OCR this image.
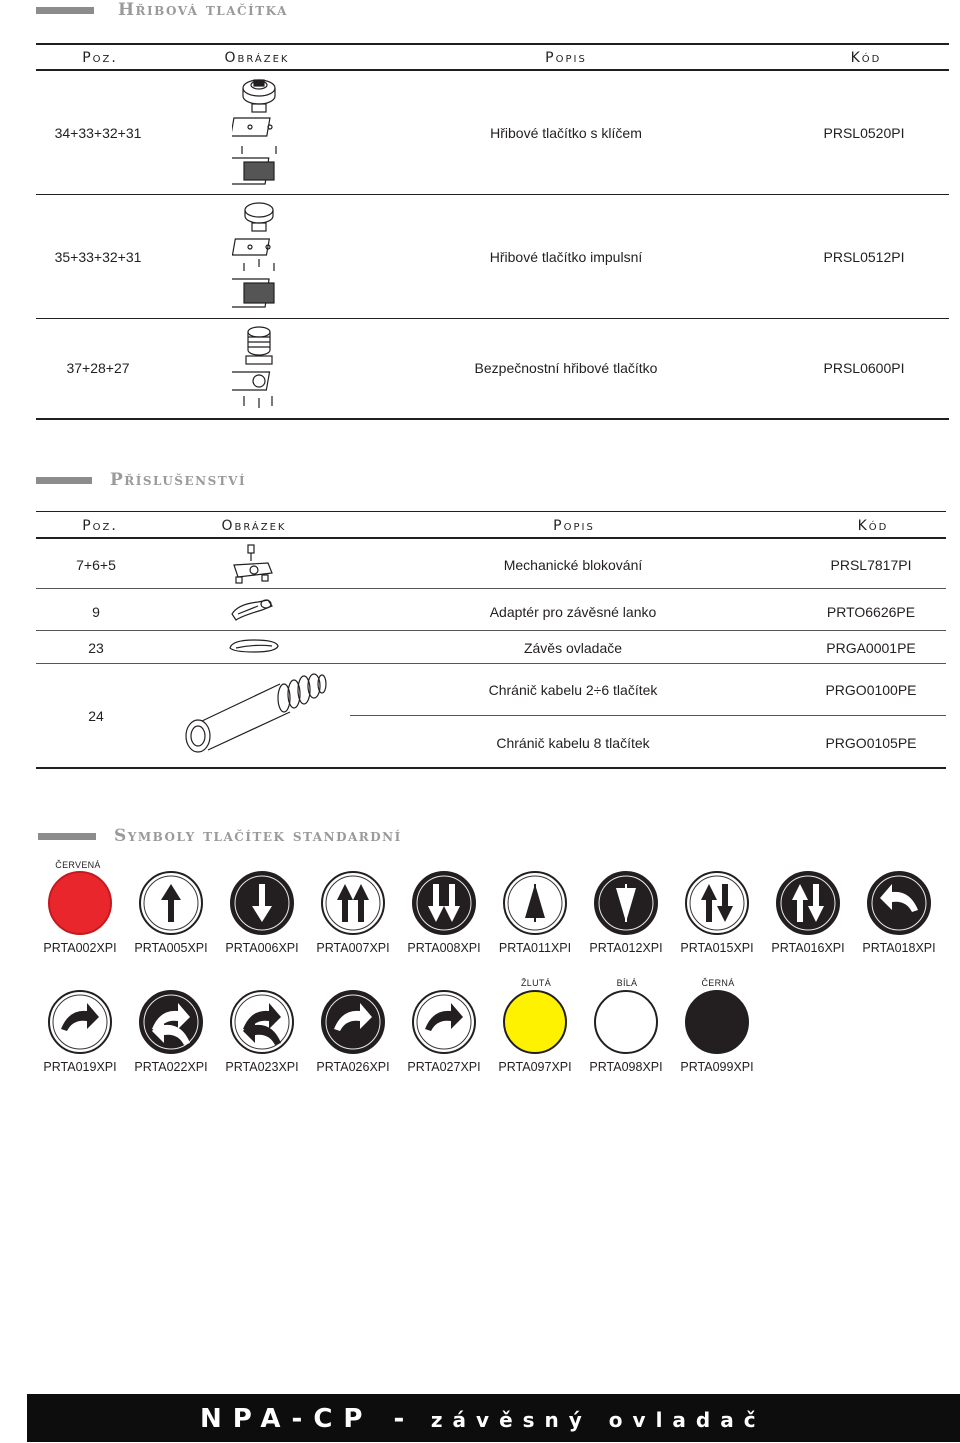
Hřibová tlačítka
Poz.	Obrázek	Popis	Kód
34+33+32+31	Hřibové tlačítko s klíčem	PRSL0520PI
35+33+32+31	Hřibové tlačítko impulsní	PRSL0512PI
37+28+27	Bezpečnostní hřibové tlačítko	PRSL0600PI
Příslušenství
Poz.	Obrázek	Popis	Kód
7+6+5	Mechanické blokování	PRSL7817PI
9	Adaptér pro závěsné lanko	PRTO6626PE
23	Závěs ovladače	PRGA0001PE
24
Chránič kabelu 2÷6 tlačítek	PRGO0100PE
Chránič kabelu 8 tlačítek	PRGO0105PE
Symboly tlačítek standardní
ČERVENÁ
ŽLUTÁ	BÍLÁ	ČERNÁ
PRTA002XPI	PRTA005XPI	PRTA006XPI	PRTA007XPI	PRTA008XPI	PRTA011XPI	PRTA012XPI	PRTA015XPI	PRTA016XPI	PRTA018XPI
PRTA019XPI	PRTA022XPI	PRTA023XPI	PRTA026XPI	PRTA027XPI	PRTA097XPI	PRTA098XPI	PRTA099XPI
NPA-CP - závěsný ovladač
